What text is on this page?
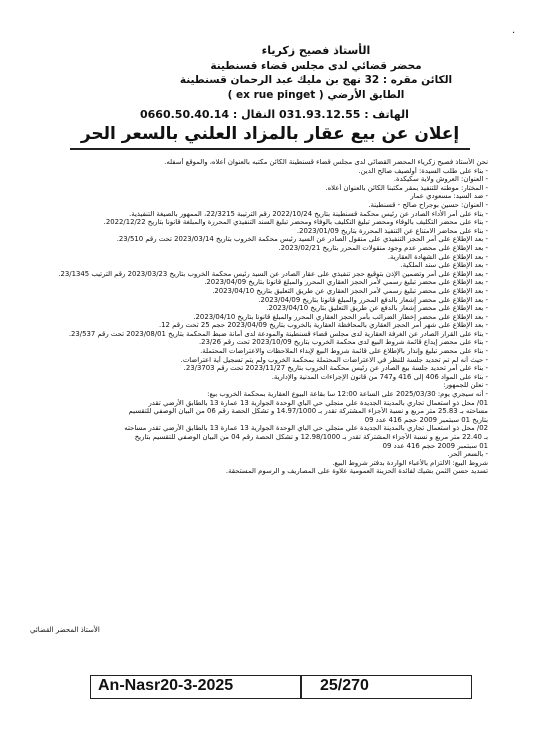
·
الأستاذ فصيح زكرياء
محضر قضائي لدى مجلس قضاء قسنطينة
الكائن مقره : 32 نهج بن مليك عبد الرحمان قسنطينة
( ex rue pinget ) الطابق الأرضي
الهاتف : 031.93.12.55 النقال : 0660.50.40.14
إعلان عن بيع عقار بالمزاد العلني بالسعر الحر
نحن الأستاذ فصيح زكرياء المحضر القضائي لدى مجلس قضاء قسنطينة الكائن مكتبه بالعنوان أعلاه، والموقع أسفله.
- بناء على طلب السيدة: أولصيف صالح الدين.
- العنوان: العروش ولاية سكيكدة.
- المختار: موطنه للتنفيذ بمقر مكتبنا الكائن بالعنوان أعلاه.
- ضد السيد: مسعودي عمار
- العنوان: حسين بوجراح صالح - قسنطينة.
- بناء على أمر الأداء الصادر عن رئيس محكمة قسنطينة بتاريخ 2022/10/24 رقم الترتيبة 22/3215، الممهور بالصيغة التنفيذية.
- بناء على محضر التكليف بالوفاء ومحضر تبليغ التكليف بالوفاء ومحضر تبليغ السند التنفيذي المحررة والمبلغة قانونا بتاريخ 2022/12/22.
- بناء على محاضر الامتناع عن التنفيذ المحررة بتاريخ 2023/01/09.
- بعد الإطلاع على أمر الحجز التنفيذي على منقول الصادر عن السيد رئيس محكمة الخروب بتاريخ 2023/03/14 تحت رقم 23/510.
- بعد الإطلاع على محضر عدم وجود منقولات المحرر بتاريخ 2023/02/21.
- بعد الإطلاع على الشهادة العقارية.
- بعد الإطلاع على سند الملكية.
- بعد الإطلاع على أمر وتضمين الإذن بتوقيع حجز تنفيذي على عقار الصادر عن السيد رئيس محكمة الخروب بتاريخ 2023/03/23 رقم الترتيب 23/1345.
- بعد الإطلاع على محضر تبليغ رسمي لأمر الحجز العقاري المحرر والمبلغ قانونا بتاريخ 2023/04/09.
- بعد الإطلاع على محضر تبليغ رسمي لأمر الحجز العقاري عن طريق التعليق بتاريخ 2023/04/10.
- بعد الإطلاع على محضر إشعار بالدفع المحرر والمبلغ قانونا بتاريخ 2023/04/09.
- بعد الإطلاع على محضر إشعار بالدفع عن طريق التعليق بتاريخ 2023/04/10.
- بعد الإطلاع على محضر إخطار الضرائب بأمر الحجز العقاري المحرر والمبلغ قانونا بتاريخ 2023/04/10.
- بعد الإطلاع على شهر أمر الحجز العقاري بالمحافظة العقارية بالخروب بتاريخ 2023/04/09 حجم 25 تحت رقم 12.
- بناء على القرار الصادر عن الغرفة العقارية لدى مجلس قضاء قسنطينة والمودعة لدى أمانة ضبط المحكمة بتاريخ 2023/08/01 تحت رقم 23/537.
- بناء على محضر إيداع قائمة شروط البيع لدى محكمة الخروب بتاريخ 2023/10/09 تحت رقم 23/26.
- بناء على محضر تبليغ وإنذار بالإطلاع على قائمة شروط البيع لإبداء الملاحظات والاعتراضات المحتملة.
- حيث أنه لم تم تحديد جلسة للنظر في الاعتراضات المحتملة بمحكمة الخروب ولم يتم تسجيل أية اعتراضات.
- بناء على أمر تحديد جلسة بيع الصادر عن رئيس محكمة الخروب بتاريخ 2023/11/27 تحت رقم 23/3703.
- بناء على المواد 406 إلى 416 و747 من قانون الإجراءات المدنية والإدارية.
- نعلن للجمهور:
- أنه سيجري يوم: 2025/03/30 على الساعة 12:00 سا بقاعة البيوع العقارية بمحكمة الخروب بيع:
01/ محل ذو استعمال تجاري بالمدينة الجديدة علي منجلي حي الباي الوحدة الجوارية 13 عمارة 13 بالطابق الأرضي تقدر
مساحته بـ 25.83 متر مربع و نسبة الأجزاء المشتركة تقدر بـ 14.97/1000 و تشكل الحصة رقم 06 من البيان الوصفي للتقسيم
بتاريخ 01 سبتمبر 2009 حجم 416 عدد 09
02/ محل ذو استعمال تجاري بالمدينة الجديدة علي منجلي حي الباي الوحدة الجوارية 13 عمارة 13 بالطابق الأرضي تقدر مساحته
بـ 22.40 متر مربع و نسبة الأجزاء المشتركة تقدر بـ 12.98/1000 و تشكل الحصة رقم 04 من البيان الوصفي للتقسيم بتاريخ
01 سبتمبر 2009 حجم 416 عدد 09
- بالسعر الحر.
شروط البيع: الالتزام بالأعباء الواردة بدفتر شروط البيع.
تسديد حسن الثمن بشيك لفائدة الحزينة العمومية علاوة على المصاريف و الرسوم المستحقة.
الأستاذ المحضر القضائي
An-Nasr20-3-2025	25/270
